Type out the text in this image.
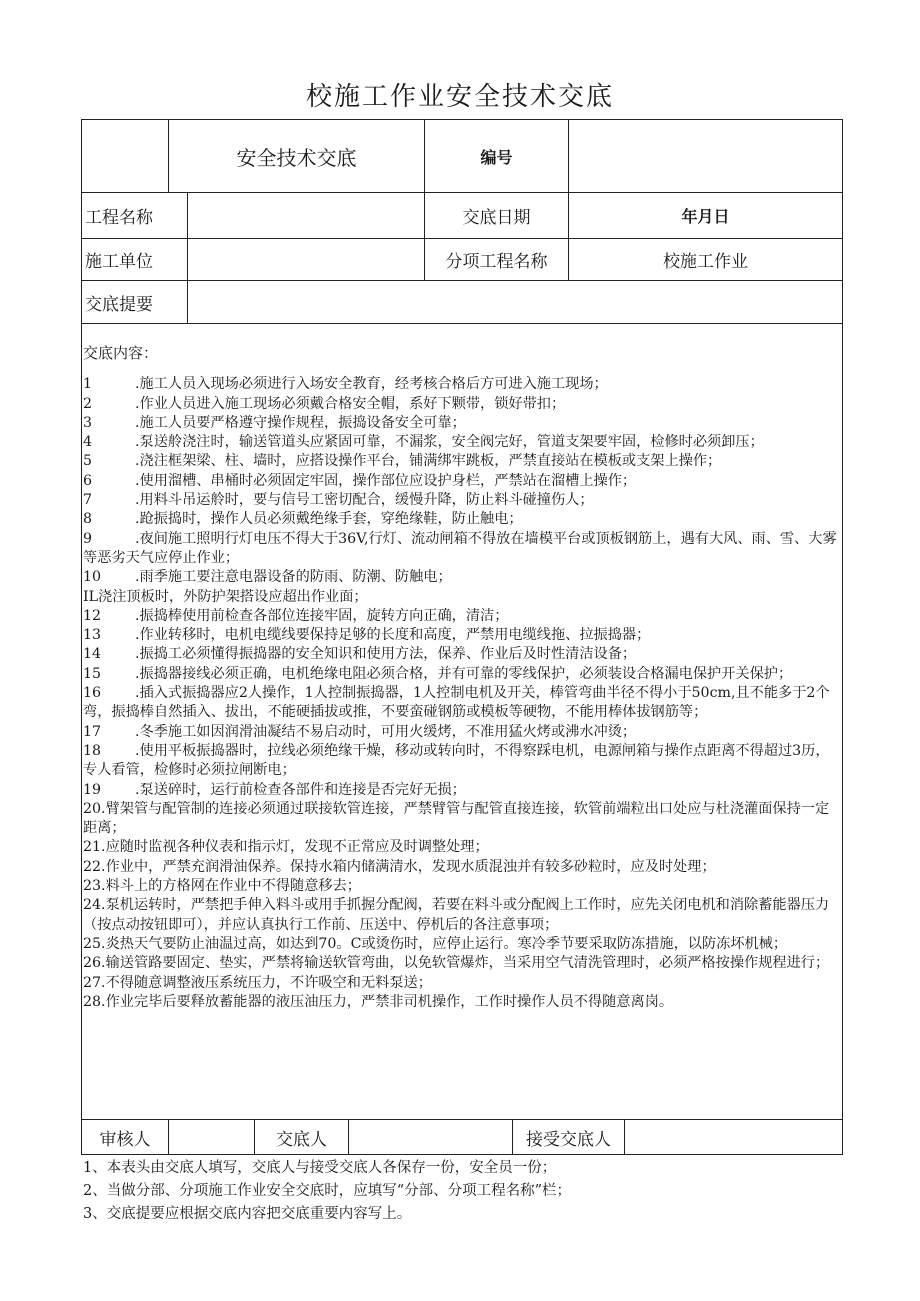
校施工作业安全技术交底
安全技术交底	编号
工程名称	交底日期	年月日
施工单位	分项工程名称	校施工作业
交底提要
交底内容：
1	.施工人员入现场必须进行入场安全教育，经考核合格后方可进入施工现场；
2	.作业人员进入施工现场必须戴合格安全帽，系好下颗带，锁好带扣；
3	.施工人员要严格遵守操作规程，振捣设备安全可靠；
4	.泵送舲浇注时，输送管道头应紧固可靠，不漏浆，安全阀完好，管道支架要牢固，检修时必须卸压；
5	.浇注框架梁、柱、墙时，应搭设操作平台，铺满绑牢跳板，严禁直接站在模板或支架上操作；
6	.使用溜槽、串桶时必须固定牢固，操作部位应设护身栏，严禁站在溜槽上操作；
7	.用料斗吊运舲时，要与信号工密切配合，缓慢升降，防止料斗碰撞伤人；
8	.跄振捣时，操作人员必须戴绝缘手套，穿绝缘鞋，防止触电；
9	.夜间施工照明行灯电压不得大于36V,行灯、流动闸箱不得放在墙模平台或顶板钢筋上，遇有大风、雨、雪、大雾等恶劣天气应停止作业；
10 .雨季施工要注意电器设备的防雨、防潮、防触电；
IL浇注顶板时，外防护架搭设应超出作业面；
12 .振捣棒使用前检查各部位连接牢固，旋转方向正确，清洁；
13 .作业转移时，电机电缆线要保持足够的长度和高度，严禁用电缆线拖、拉振捣器；
14 .振捣工必须懂得振捣器的安全知识和使用方法，保养、作业后及时性清洁设备；
15 .振捣器接线必须正确，电机绝缘电阻必须合格，并有可靠的零线保护，必须装设合格漏电保护开关保护；
16 .插入式振捣器应2人操作，1人控制振捣器，1人控制电机及开关，棒管弯曲半径不得小于50cm,且不能多于2个弯，振捣棒自然插入、拔出，不能硬插拔或推，不要蛮碰钢筋或模板等硬物，不能用棒体拔钢筋等；
17 .冬季施工如因润滑油凝结不易启动时，可用火缓烤，不准用猛火烤或沸水冲烫；
18 .使用平板振捣器时，拉线必须绝缘干燥，移动或转向时，不得察踩电机，电源闸箱与操作点距离不得超过3历，专人看管，检修时必须拉闸断电；
19 .泵送碎时，运行前检查各部件和连接是否完好无损；
20.臂架管与配管制的连接必须通过联接软管连接，严禁臂管与配管直接连接，软管前端粒出口处应与杜浇灌面保持一定距离；
21.应随时监视各种仪表和指示灯，发现不正常应及时调整处理；
22.作业中，严禁充润滑油保养。保持水箱内储满清水，发现水质混浊并有较多砂粒时，应及时处理；
23.料斗上的方格网在作业中不得随意移去；
24.泵机运转时，严禁把手伸入料斗或用手抓握分配阀，若要在料斗或分配阀上工作时，应先关闭电机和消除蓄能器压力（按点动按钮即可），并应认真执行工作前、压送中、停机后的各注意事项；
25.炎热天气要防止油温过高，如达到70。C或烫伤时，应停止运行。寒冷季节要采取防冻措施，以防冻坏机械；
26.输送管路要固定、垫实，严禁将输送软管弯曲，以免软管爆炸，当采用空气清洗管理时，必须严格按操作规程进行；
27.不得随意调整液压系统压力，不许吸空和无料泵送；
28.作业完毕后要释放蓄能器的液压油压力，严禁非司机操作，工作时操作人员不得随意离岗。
审核人	交底人	接受交底人
1、本表头由交底人填写，交底人与接受交底人各保存一份，安全员一份；
2、当做分部、分项施工作业安全交底时，应填写“分部、分项工程名称”栏；
3、交底提要应根据交底内容把交底重要内容写上。
